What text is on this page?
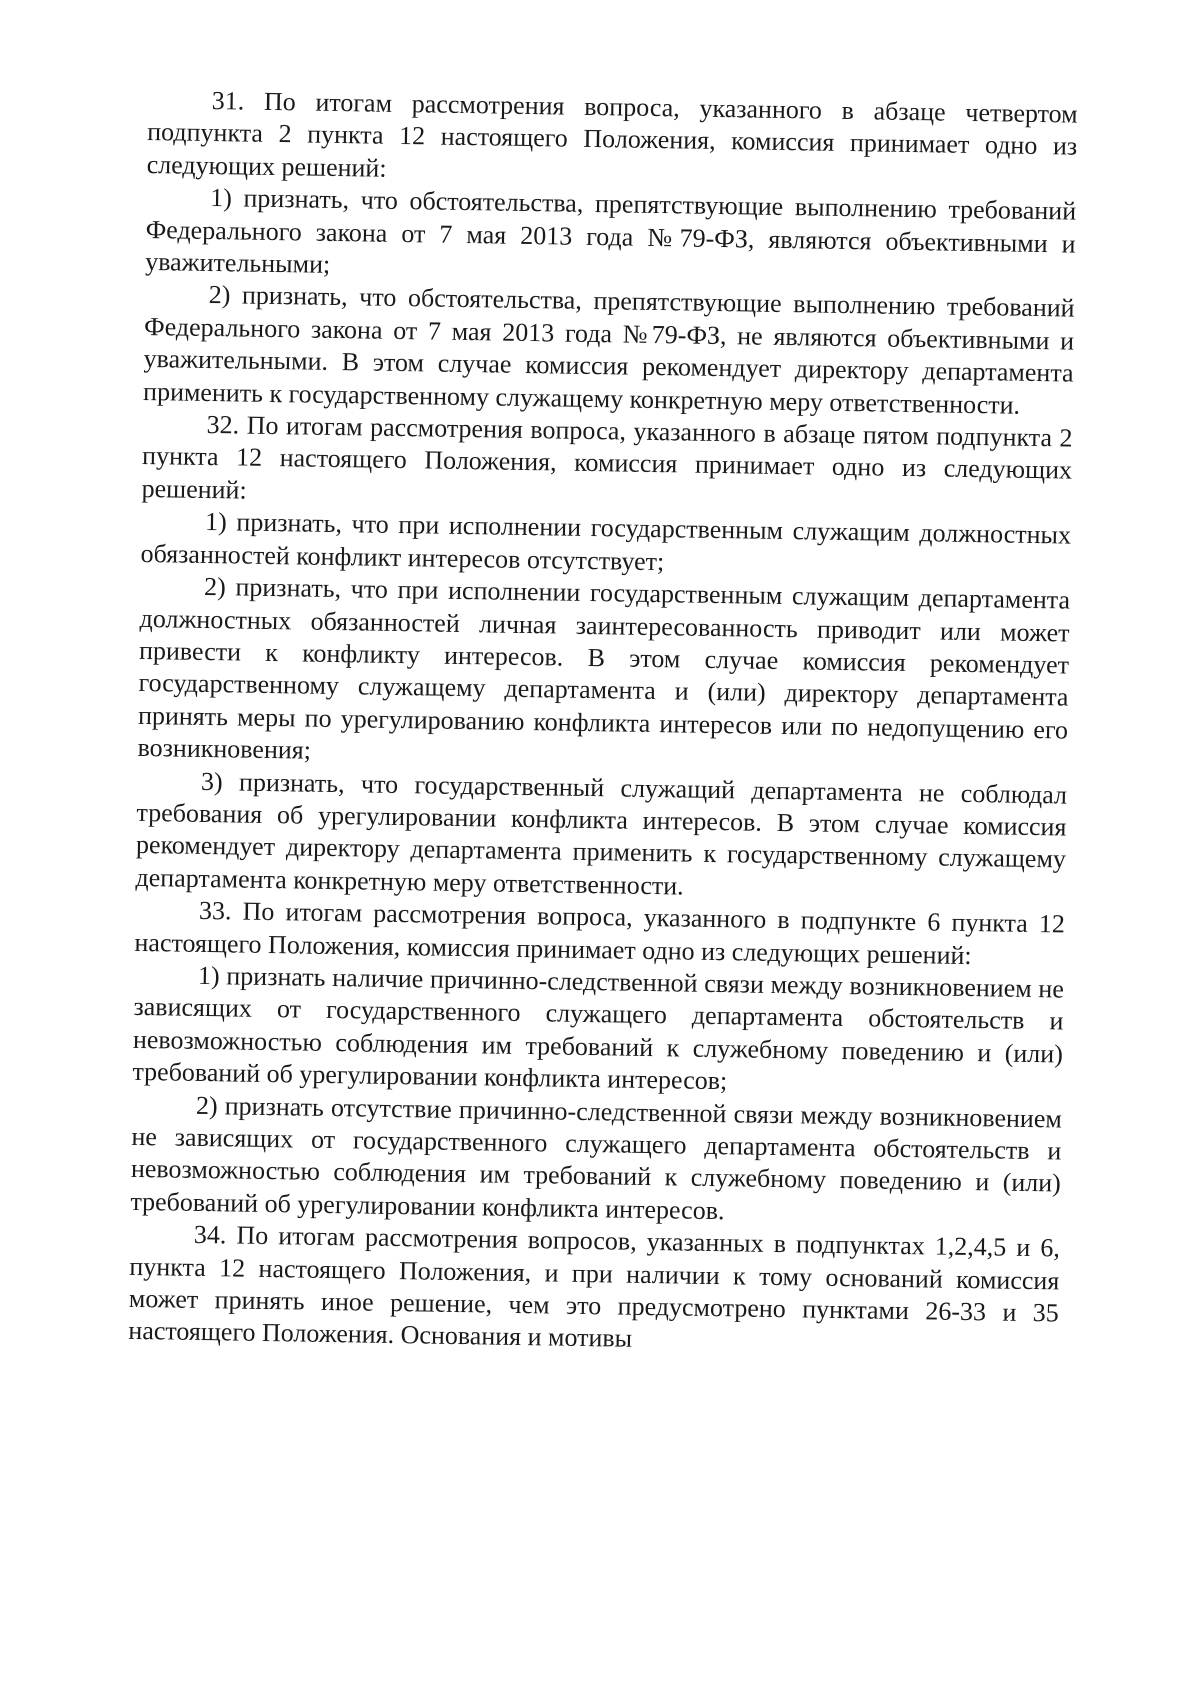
31. По итогам рассмотрения вопроса, указанного в абзаце четвертом подпункта 2 пункта 12 настоящего Положения, комиссия принимает одно из следующих решений:

1) признать, что обстоятельства, препятствующие выполнению требований Федерального закона от 7 мая 2013 года №79-ФЗ, являются объективными и уважительными;

2) признать, что обстоятельства, препятствующие выполнению требований Федерального закона от 7 мая 2013 года №79-ФЗ, не являются объективными и уважительными. В этом случае комиссия рекомендует директору департамента применить к государственному служащему конкретную меру ответственности.

32. По итогам рассмотрения вопроса, указанного в абзаце пятом подпункта 2 пункта 12 настоящего Положения, комиссия принимает одно из следующих решений:

1) признать, что при исполнении государственным служащим должностных обязанностей конфликт интересов отсутствует;

2) признать, что при исполнении государственным служащим департамента должностных обязанностей личная заинтересованность приводит или может привести к конфликту интересов. В этом случае комиссия рекомендует государственному служащему департамента и (или) директору департамента принять меры по урегулированию конфликта интересов или по недопущению его возникновения;

3) признать, что государственный служащий департамента не соблюдал требования об урегулировании конфликта интересов. В этом случае комиссия рекомендует директору департамента применить к государственному служащему департамента конкретную меру ответственности.

33. По итогам рассмотрения вопроса, указанного в подпункте 6 пункта 12 настоящего Положения, комиссия принимает одно из следующих решений:

1) признать наличие причинно-следственной связи между возникновением не зависящих от государственного служащего департамента обстоятельств и невозможностью соблюдения им требований к служебному поведению и (или) требований об урегулировании конфликта интересов;

2) признать отсутствие причинно-следственной связи между возникновением не зависящих от государственного служащего департамента обстоятельств и невозможностью соблюдения им требований к служебному поведению и (или) требований об урегулировании конфликта интересов.

34. По итогам рассмотрения вопросов, указанных в подпунктах 1,2,4,5 и 6, пункта 12 настоящего Положения, и при наличии к тому оснований комиссия может принять иное решение, чем это предусмотрено пунктами 26-33 и 35 настоящего Положения. Основания и мотивы
